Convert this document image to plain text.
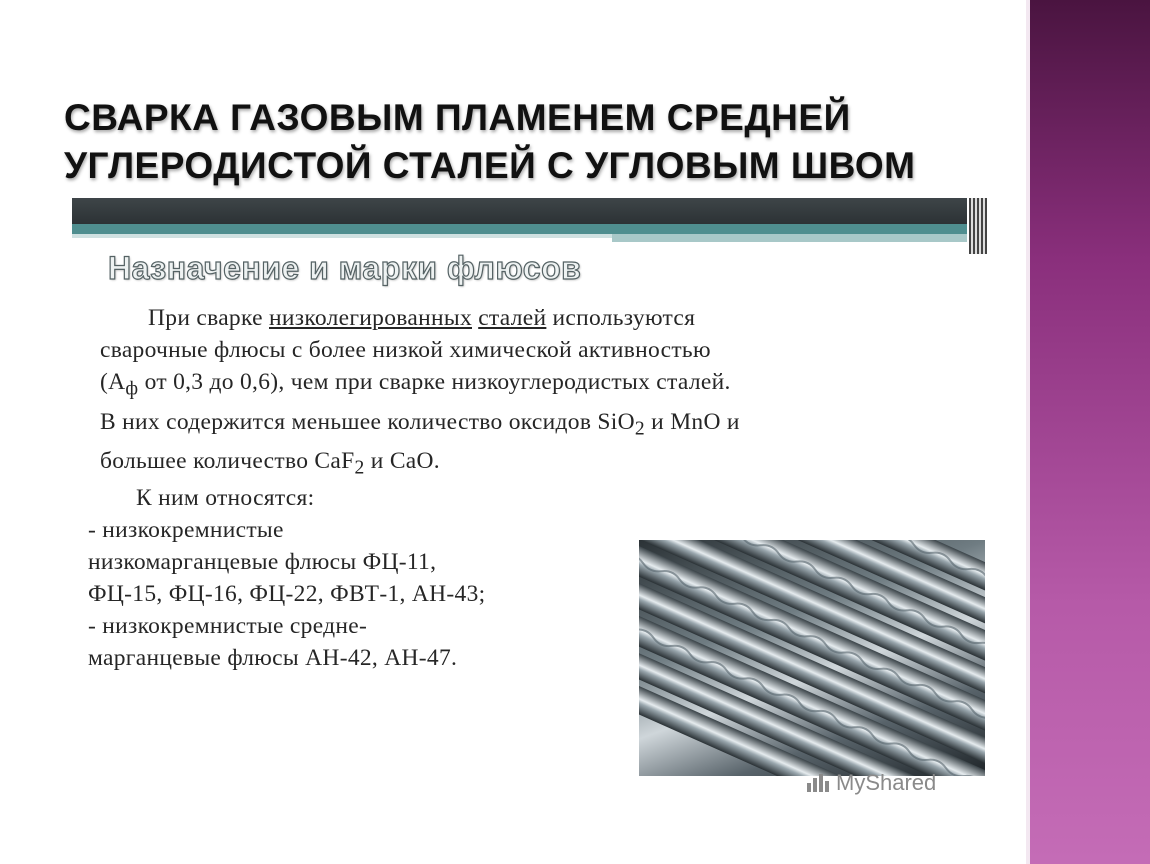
СВАРКА ГАЗОВЫМ ПЛАМЕНЕМ СРЕДНЕЙ
УГЛЕРОДИСТОЙ СТАЛЕЙ С УГЛОВЫМ ШВОМ
Назначение и марки флюсов
При сварке низколегированных сталей используются
сварочные флюсы с более низкой химической активностью
($А_ф$ от 0,3 до 0,6), чем при сварке низкоуглеродистых сталей.
В них содержится меньшее количество оксидов SiO$_2$ и MnO и
большее количество CaF$_2$ и CaO.
К ним относятся:
- низкокремнистые
низкомарганцевые флюсы ФЦ-11,
ФЦ-15, ФЦ-16, ФЦ-22, ФВТ-1, АН-43;
- низкокремнистые средне-
марганцевые флюсы АН-42, АН-47.
MyShared
